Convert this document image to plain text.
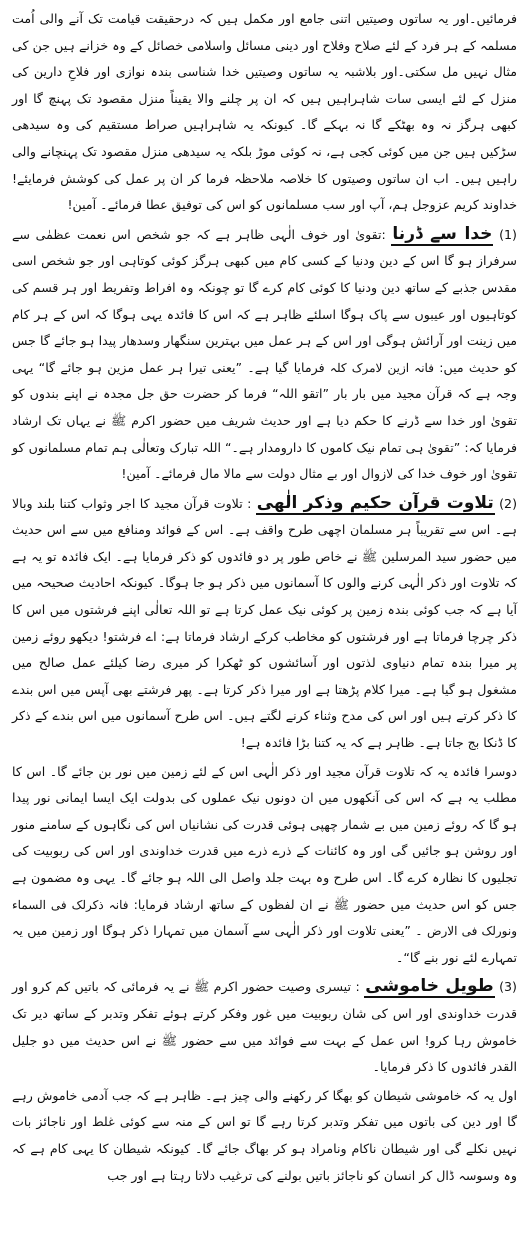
فرمائیں۔اور یہ ساتوں وصیتیں اتنی جامع اور مکمل ہیں کہ درحقیقت قیامت تک آنے والی اُمت مسلمہ کے ہر فرد کے لئے صلاح وفلاح اور دینی مسائل واسلامی خصائل کے وہ خزانے ہیں جن کی مثال نہیں مل سکتی۔اور بلاشبہ یہ ساتوں وصیتیں خدا شناسی بندہ نوازی اور فلاحِ دارین کی منزل کے لئے ایسی سات شاہراہیں ہیں کہ ان پر چلنے والا یقیناً منزل مقصود تک پہنچ گا اور کبھی ہرگز نہ وہ بھٹکے گا نہ بہکے گا۔ کیونکہ یہ شاہراہیں صراط مستقیم کی وہ سیدھی سڑکیں ہیں جن میں کوئی کجی ہے، نہ کوئی موڑ بلکہ یہ سیدھی منزل مقصود تک پہنچانے والی راہیں ہیں۔ اب ان ساتوں وصیتوں کا خلاصہ ملاحظہ فرما کر ان پر عمل کی کوشش فرمایئے! خداوند کریم عزوجل ہم، آپ اور سب مسلمانوں کو اس کی توفیق عطا فرمائے۔ آمین!

(1) خدا سے ڈرنا :تقویٰ اور خوف الٰہی ظاہر ہے کہ جو شخص اس نعمت عظمٰی سے سرفراز ہو گا اس کے دین ودنیا کے کسی کام میں کبھی ہرگز کوئی کوتاہی اور جو شخص اسی مقدس جذبے کے ساتھ دین ودنیا کا کوئی کام کرے گا تو چونکہ وہ افراط وتفریط اور ہر قسم کی کوتاہیوں اور عیبوں سے پاک ہوگا اسلئے ظاہر ہے کہ اس کا فائدہ یہی ہوگا کہ اس کے ہر کام میں زینت اور آرائش ہوگی اور اس کے ہر عمل میں بہترین سنگھار وسدھار پیدا ہو جائے گا جس کو حدیث میں: فانہ ازین لامرک کلہ فرمایا گیا ہے۔ ”یعنی تیرا ہر عمل مزین ہو جائے گا“ یہی وجہ ہے کہ قرآن مجید میں بار بار ”اتقو اللہ“ فرما کر حضرت حق جل مجدہ نے اپنے بندوں کو تقویٰ اور خدا سے ڈرنے کا حکم دیا ہے اور حدیث شریف میں حضور اکرم ﷺ نے یہاں تک ارشاد فرمایا کہ: ”تقویٰ ہی تمام نیک کاموں کا دارومدار ہے۔“ اللہ تبارک وتعالٰی ہم تمام مسلمانوں کو تقویٰ اور خوف خدا کی لازوال اور بے مثال دولت سے مالا مال فرمائے۔ آمین!

(2) تلاوت قرآن حکیم وذکر الٰهی : تلاوت قرآن مجید کا اجر وثواب کتنا بلند وبالا ہے۔ اس سے تقریباً ہر مسلمان اچھی طرح واقف ہے۔ اس کے فوائد ومنافع میں سے اس حدیث میں حضور سید المرسلین ﷺ نے خاص طور پر دو فائدوں کو ذکر فرمایا ہے۔ ایک فائدہ تو یہ ہے کہ تلاوت اور ذکر الٰہی کرنے والوں کا آسمانوں میں ذکر ہو جا ہوگا۔ کیونکہ احادیث صحیحہ میں آیا ہے کہ جب کوئی بندہ زمین پر کوئی نیک عمل کرتا ہے تو اللہ تعالٰی اپنے فرشتوں میں اس کا ذکر چرچا فرماتا ہے اور فرشتوں کو مخاطب کرکے ارشاد فرماتا ہے: اے فرشتو! دیکھو روئے زمین پر میرا بندہ تمام دنیاوی لذتوں اور آسائشوں کو ٹھکرا کر میری رضا کیلئے عمل صالح میں مشغول ہو گیا ہے۔ میرا کلام پڑھتا ہے اور میرا ذکر کرتا ہے۔ پھر فرشتے بھی آپس میں اس بندے کا ذکر کرتے ہیں اور اس کی مدح وثناء کرنے لگتے ہیں۔ اس طرح آسمانوں میں اس بندے کے ذکر کا ڈنکا بج جاتا ہے۔ ظاہر ہے کہ یہ کتنا بڑا فائدہ ہے!

دوسرا فائدہ یہ کہ تلاوت قرآن مجید اور ذکر الٰہی اس کے لئے زمین میں نور بن جائے گا۔ اس کا مطلب یہ ہے کہ اس کی آنکھوں میں ان دونوں نیک عملوں کی بدولت ایک ایسا ایمانی نور پیدا ہو گا کہ روئے زمین میں بے شمار چھپی ہوئی قدرت کی نشانیاں اس کی نگاہوں کے سامنے منور اور روشن ہو جائیں گی اور وہ کائنات کے ذرے ذرے میں قدرت خداوندی اور اس کی ربوبیت کی تجلیوں کا نظارہ کرے گا۔ اس طرح وہ بہت جلد واصل الی اللہ ہو جائے گا۔ یہی وہ مضمون ہے جس کو اس حدیث میں حضور ﷺ نے ان لفظوں کے ساتھ ارشاد فرمایا: فانہ ذکرلک فی السماء ونورلک فی الارض ۔ ”یعنی تلاوت اور ذکر الٰہی سے آسمان میں تمہارا ذکر ہوگا اور زمین میں یہ تمہارے لئے نور بنے گا“۔

(3) طویل خاموشی : تیسری وصیت حضور اکرم ﷺ نے یہ فرمائی کہ باتیں کم کرو اور قدرت خداوندی اور اس کی شان ربوبیت میں غور وفکر کرتے ہوئے تفکر وتدبر کے ساتھ دیر تک خاموش رہا کرو! اس عمل کے بہت سے فوائد میں سے حضور ﷺ نے اس حدیث میں دو جلیل القدر فائدوں کا ذکر فرمایا۔

اول یہ کہ خاموشی شیطان کو بھگا کر رکھنے والی چیز ہے۔ ظاہر ہے کہ جب آدمی خاموش رہے گا اور دین کی باتوں میں تفکر وتدبر کرتا رہے گا تو اس کے منہ سے کوئی غلط اور ناجائز بات نہیں نکلے گی اور شیطان ناکام ونامراد ہو کر بھاگ جائے گا۔ کیونکہ شیطان کا یہی کام ہے کہ وہ وسوسہ ڈال کر انسان کو ناجائز باتیں بولنے کی ترغیب دلاتا رہتا ہے اور جب
